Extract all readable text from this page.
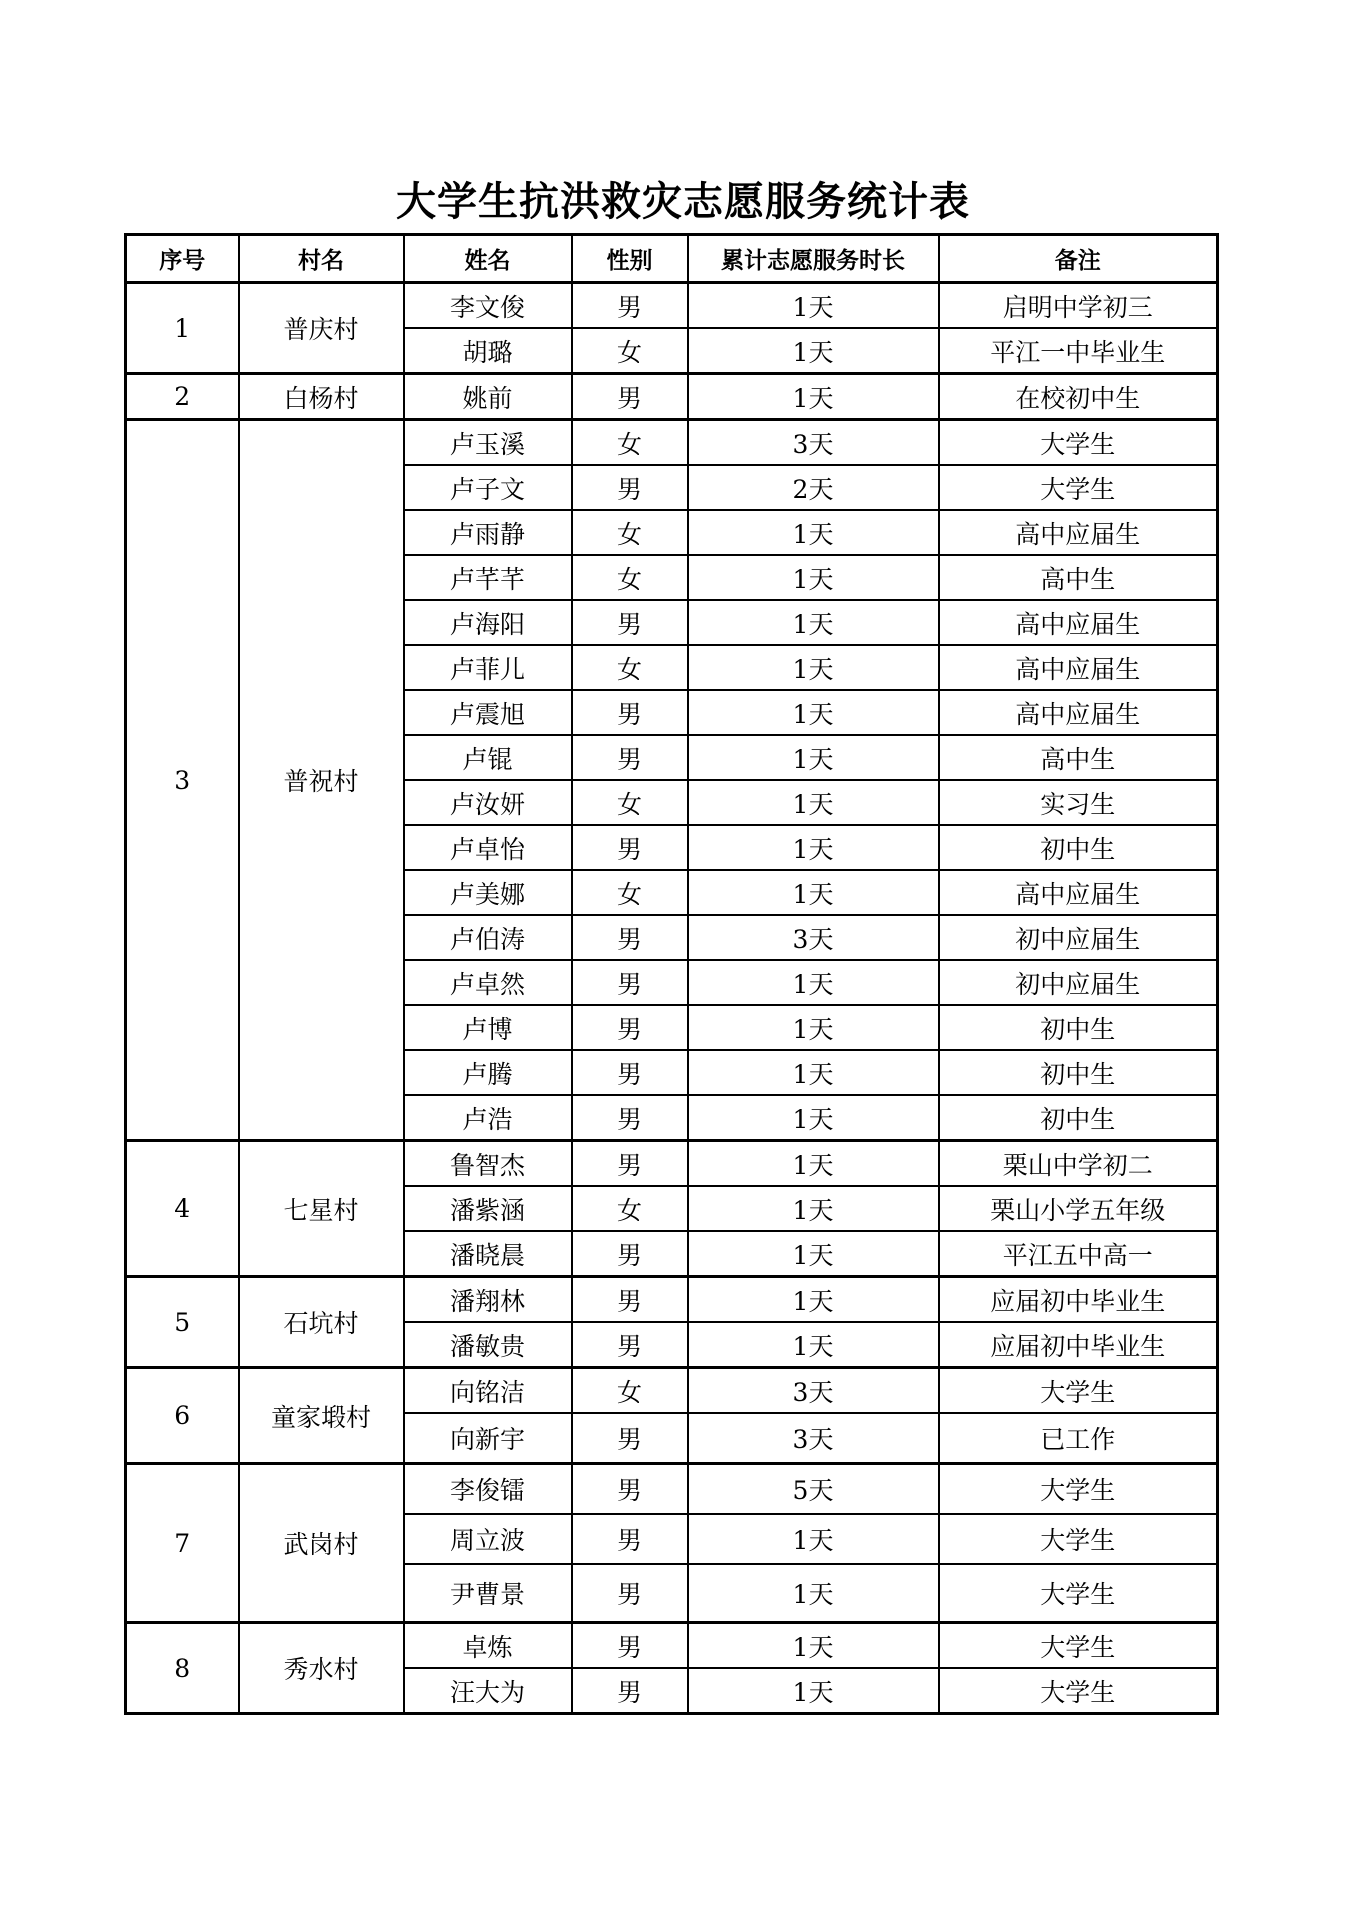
大学生抗洪救灾志愿服务统计表
序号	村名	姓名	性别	累计志愿服务时长	备注
1	普庆村	李文俊	男	1天	启明中学初三
		胡璐	女	1天	平江一中毕业生
2	白杨村	姚前	男	1天	在校初中生
3	普祝村	卢玉溪	女	3天	大学生
		卢子文	男	2天	大学生
		卢雨静	女	1天	高中应届生
		卢芊芊	女	1天	高中生
		卢海阳	男	1天	高中应届生
		卢菲儿	女	1天	高中应届生
		卢震旭	男	1天	高中应届生
		卢锟	男	1天	高中生
		卢汝妍	女	1天	实习生
		卢卓怡	男	1天	初中生
		卢美娜	女	1天	高中应届生
		卢伯涛	男	3天	初中应届生
		卢卓然	男	1天	初中应届生
		卢博	男	1天	初中生
		卢腾	男	1天	初中生
		卢浩	男	1天	初中生
4	七星村	鲁智杰	男	1天	栗山中学初二
		潘紫涵	女	1天	栗山小学五年级
		潘晓晨	男	1天	平江五中高一
5	石坑村	潘翔林	男	1天	应届初中毕业生
		潘敏贵	男	1天	应届初中毕业生
6	童家塅村	向铭洁	女	3天	大学生
		向新宇	男	3天	已工作
7	武岗村	李俊镭	男	5天	大学生
		周立波	男	1天	大学生
		尹曹景	男	1天	大学生
8	秀水村	卓炼	男	1天	大学生
		汪大为	男	1天	大学生
